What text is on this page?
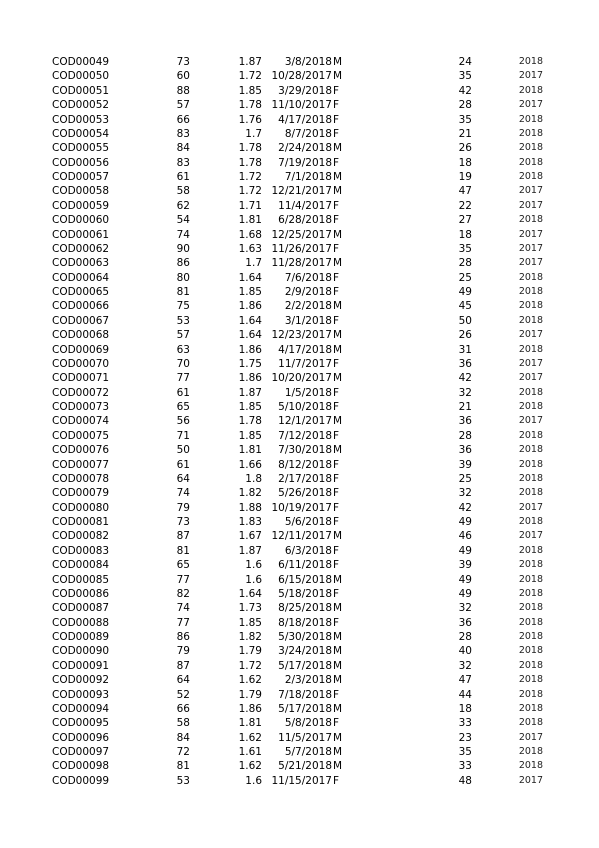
COD00049	73	1.87	3/8/2018 M	24	2018
COD00050	60	1.72 10/28/2017 M	35	2017
COD00051	88	1.85	3/29/2018 F	42	2018
COD00052	57	1.78 11/10/2017 F	28	2017
COD00053	66	1.76	4/17/2018 F	35	2018
COD00054	83	1.7	8/7/2018 F	21	2018
COD00055	84	1.78	2/24/2018 M	26	2018
COD00056	83	1.78	7/19/2018 F	18	2018
COD00057	61	1.72	7/1/2018 M	19	2018
COD00058	58	1.72 12/21/2017 M	47	2017
COD00059	62	1.71	11/4/2017 F	22	2017
COD00060	54	1.81	6/28/2018 F	27	2018
COD00061	74	1.68 12/25/2017 M	18	2017
COD00062	90	1.63 11/26/2017 F	35	2017
COD00063	86	1.7 11/28/2017 M	28	2017
COD00064	80	1.64	7/6/2018 F	25	2018
COD00065	81	1.85	2/9/2018 F	49	2018
COD00066	75	1.86	2/2/2018 M	45	2018
COD00067	53	1.64	3/1/2018 F	50	2018
COD00068	57	1.64 12/23/2017 M	26	2017
COD00069	63	1.86	4/17/2018 M	31	2018
COD00070	70	1.75	11/7/2017 F	36	2017
COD00071	77	1.86 10/20/2017 M	42	2017
COD00072	61	1.87	1/5/2018 F	32	2018
COD00073	65	1.85	5/10/2018 F	21	2018
COD00074	56	1.78	12/1/2017 M	36	2017
COD00075	71	1.85	7/12/2018 F	28	2018
COD00076	50	1.81	7/30/2018 M	36	2018
COD00077	61	1.66	8/12/2018 F	39	2018
COD00078	64	1.8	2/17/2018 F	25	2018
COD00079	74	1.82	5/26/2018 F	32	2018
COD00080	79	1.88 10/19/2017 F	42	2017
COD00081	73	1.83	5/6/2018 F	49	2018
COD00082	87	1.67 12/11/2017 M	46	2017
COD00083	81	1.87	6/3/2018 F	49	2018
COD00084	65	1.6	6/11/2018 F	39	2018
COD00085	77	1.6	6/15/2018 M	49	2018
COD00086	82	1.64	5/18/2018 F	49	2018
COD00087	74	1.73	8/25/2018 M	32	2018
COD00088	77	1.85	8/18/2018 F	36	2018
COD00089	86	1.82	5/30/2018 M	28	2018
COD00090	79	1.79	3/24/2018 M	40	2018
COD00091	87	1.72	5/17/2018 M	32	2018
COD00092	64	1.62	2/3/2018 M	47	2018
COD00093	52	1.79	7/18/2018 F	44	2018
COD00094	66	1.86	5/17/2018 M	18	2018
COD00095	58	1.81	5/8/2018 F	33	2018
COD00096	84	1.62	11/5/2017 M	23	2017
COD00097	72	1.61	5/7/2018 M	35	2018
COD00098	81	1.62	5/21/2018 M	33	2018
COD00099	53	1.6 11/15/2017 F	48	2017
